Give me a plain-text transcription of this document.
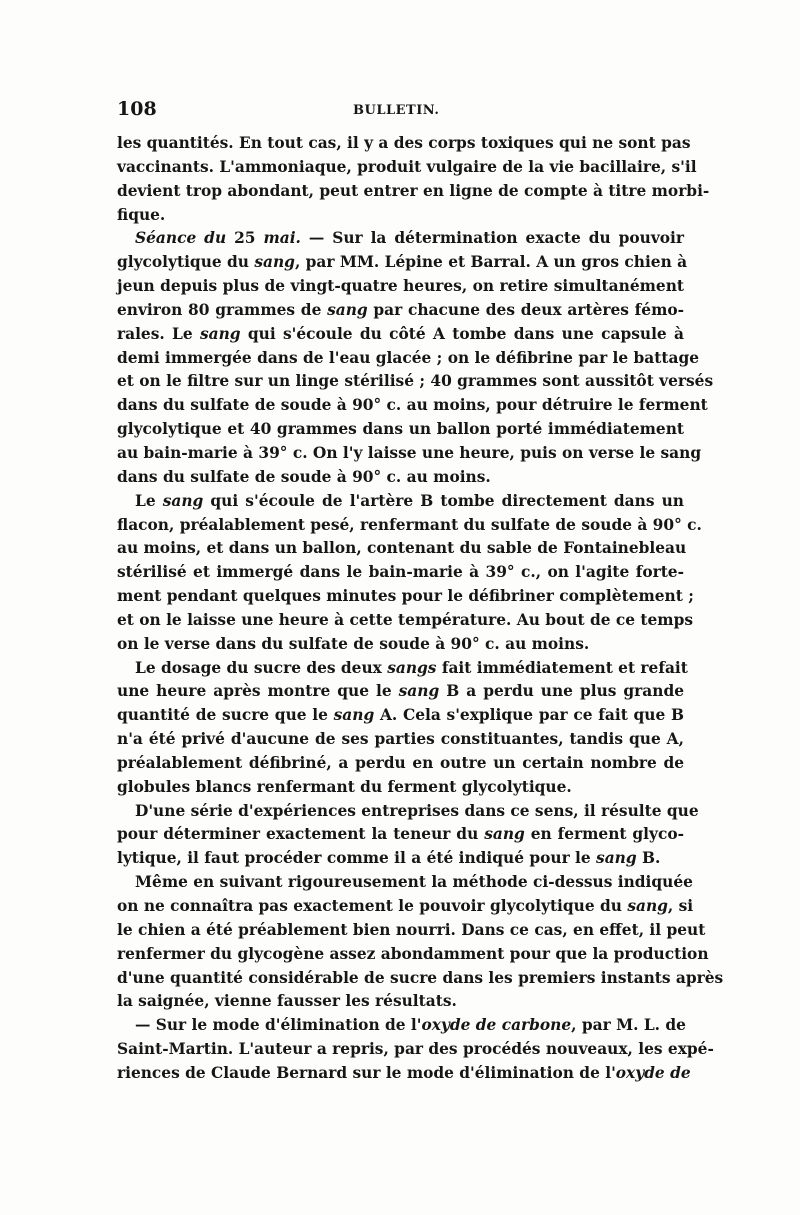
108	BULLETIN.
les quantités. En tout cas, il y a des corps toxiques qui ne sont pas
vaccinants. L'ammoniaque, produit vulgaire de la vie bacillaire, s'il
devient trop abondant, peut entrer en ligne de compte à titre morbi-
fique.
Séance du 25 mai. — Sur la détermination exacte du pouvoir
glycolytique du sang, par MM. Lépine et Barral. A un gros chien à
jeun depuis plus de vingt-quatre heures, on retire simultanément
environ 80 grammes de sang par chacune des deux artères fémo-
rales. Le sang qui s'écoule du côté A tombe dans une capsule à
demi immergée dans de l'eau glacée ; on le défibrine par le battage
et on le filtre sur un linge stérilisé ; 40 grammes sont aussitôt versés
dans du sulfate de soude à 90° c. au moins, pour détruire le ferment
glycolytique et 40 grammes dans un ballon porté immédiatement
au bain-marie à 39° c. On l'y laisse une heure, puis on verse le sang
dans du sulfate de soude à 90° c. au moins.
Le sang qui s'écoule de l'artère B tombe directement dans un
flacon, préalablement pesé, renfermant du sulfate de soude à 90° c.
au moins, et dans un ballon, contenant du sable de Fontainebleau
stérilisé et immergé dans le bain-marie à 39° c., on l'agite forte-
ment pendant quelques minutes pour le défibriner complètement ;
et on le laisse une heure à cette température. Au bout de ce temps
on le verse dans du sulfate de soude à 90° c. au moins.
Le dosage du sucre des deux sangs fait immédiatement et refait
une heure après montre que le sang B a perdu une plus grande
quantité de sucre que le sang A. Cela s'explique par ce fait que B
n'a été privé d'aucune de ses parties constituantes, tandis que A,
préalablement défibriné, a perdu en outre un certain nombre de
globules blancs renfermant du ferment glycolytique.
D'une série d'expériences entreprises dans ce sens, il résulte que
pour déterminer exactement la teneur du sang en ferment glyco-
lytique, il faut procéder comme il a été indiqué pour le sang B.
Même en suivant rigoureusement la méthode ci-dessus indiquée
on ne connaîtra pas exactement le pouvoir glycolytique du sang, si
le chien a été préablement bien nourri. Dans ce cas, en effet, il peut
renfermer du glycogène assez abondamment pour que la production
d'une quantité considérable de sucre dans les premiers instants après
la saignée, vienne fausser les résultats.
— Sur le mode d'élimination de l'oxyde de carbone, par M. L. de
Saint-Martin. L'auteur a repris, par des procédés nouveaux, les expé-
riences de Claude Bernard sur le mode d'élimination de l'oxyde de
